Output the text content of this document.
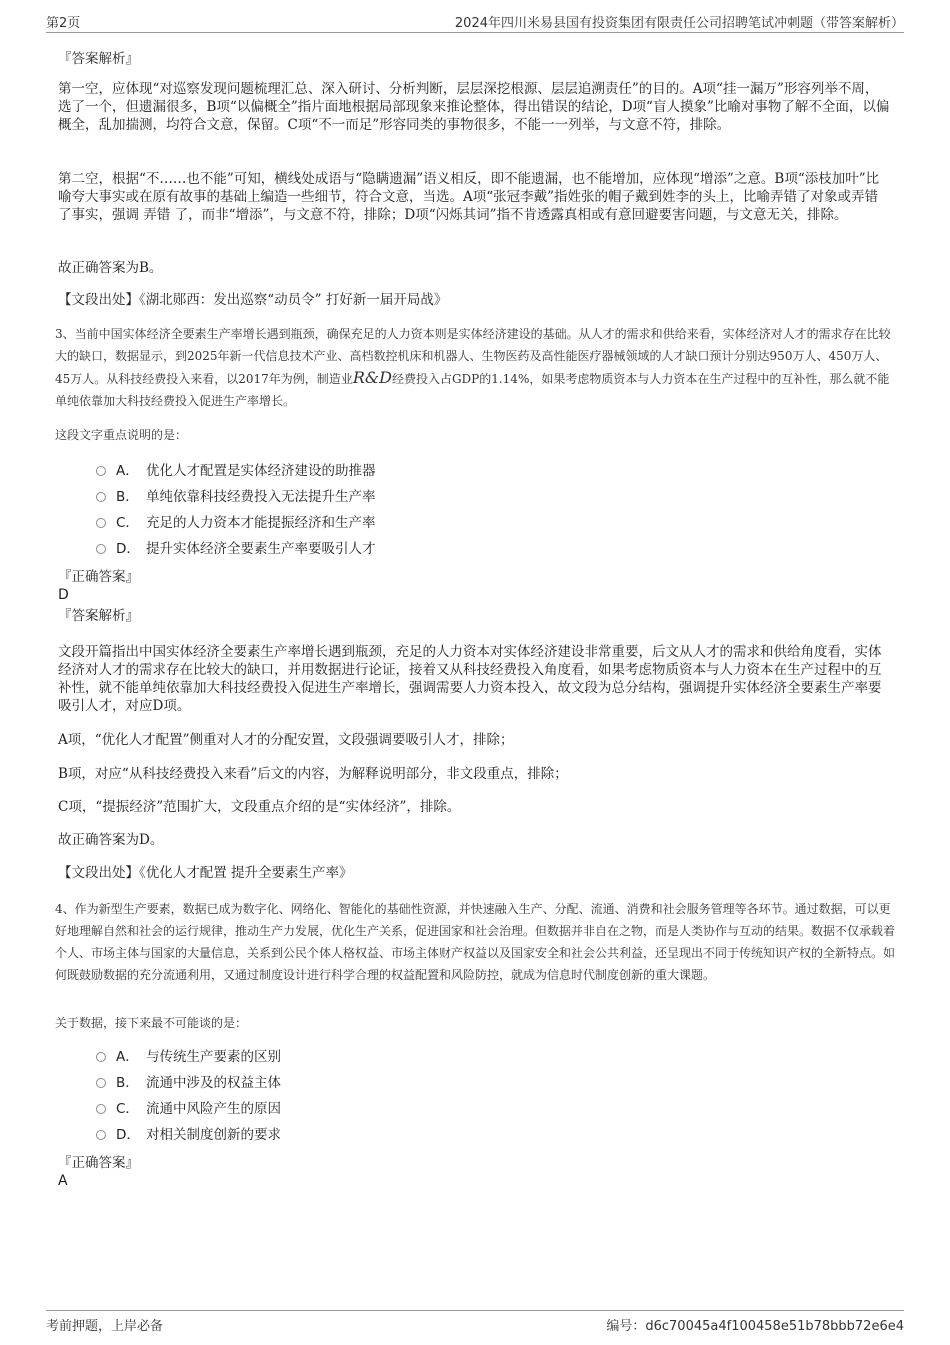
第2页	2024年四川米易县国有投资集团有限责任公司招聘笔试冲刺题（带答案解析）
『答案解析』
第一空，应体现“对巡察发现问题梳理汇总、深入研讨、分析判断，层层深挖根源、层层追溯责任”的目的。A项“挂一漏万”形容列举不周，选了一个，但遗漏很多，B项“以偏概全”指片面地根据局部现象来推论整体，得出错误的结论，D项“盲人摸象”比喻对事物了解不全面，以偏概全，乱加揣测，均符合文意，保留。C项“不一而足”形容同类的事物很多，不能一一列举，与文意不符，排除。
第二空，根据“不……也不能”可知，横线处成语与“隐瞒遗漏”语义相反，即不能遗漏，也不能增加，应体现“增添”之意。B项“添枝加叶”比喻夸大事实或在原有故事的基础上编造一些细节，符合文意，当选。A项“张冠李戴”指姓张的帽子戴到姓李的头上，比喻弄错了对象或弄错了事实，强调 弄错 了，而非“增添”，与文意不符，排除；D项“闪烁其词”指不肯透露真相或有意回避要害问题，与文意无关，排除。
故正确答案为B。
【文段出处】《湖北郧西：发出巡察“动员令” 打好新一届开局战》
3、当前中国实体经济全要素生产率增长遇到瓶颈，确保充足的人力资本则是实体经济建设的基础。从人才的需求和供给来看，实体经济对人才的需求存在比较大的缺口，数据显示，到2025年新一代信息技术产业、高档数控机床和机器人、生物医药及高性能医疗器械领域的人才缺口预计分别达950万人、450万人、45万人。从科技经费投入来看，以2017年为例，制造业R&D经费投入占GDP的1.14%，如果考虑物质资本与人力资本在生产过程中的互补性，那么就不能单纯依靠加大科技经费投入促进生产率增长。
这段文字重点说明的是：
A． 优化人才配置是实体经济建设的助推器
B． 单纯依靠科技经费投入无法提升生产率
C． 充足的人力资本才能提振经济和生产率
D． 提升实体经济全要素生产率要吸引人才
『正确答案』
D
『答案解析』
文段开篇指出中国实体经济全要素生产率增长遇到瓶颈，充足的人力资本对实体经济建设非常重要，后文从人才的需求和供给角度看，实体经济对人才的需求存在比较大的缺口，并用数据进行论证，接着又从科技经费投入角度看，如果考虑物质资本与人力资本在生产过程中的互补性，就不能单纯依靠加大科技经费投入促进生产率增长，强调需要人力资本投入，故文段为总分结构，强调提升实体经济全要素生产率要吸引人才，对应D项。
A项，“优化人才配置”侧重对人才的分配安置，文段强调要吸引人才，排除；
B项，对应“从科技经费投入来看”后文的内容，为解释说明部分，非文段重点，排除；
C项，“提振经济”范围扩大，文段重点介绍的是“实体经济”，排除。
故正确答案为D。
【文段出处】《优化人才配置 提升全要素生产率》
4、作为新型生产要素，数据已成为数字化、网络化、智能化的基础性资源，并快速融入生产、分配、流通、消费和社会服务管理等各环节。通过数据，可以更好地理解自然和社会的运行规律，推动生产力发展，优化生产关系，促进国家和社会治理。但数据并非自在之物，而是人类协作与互动的结果。数据不仅承载着个人、市场主体与国家的大量信息，关系到公民个体人格权益、市场主体财产权益以及国家安全和社会公共利益，还呈现出不同于传统知识产权的全新特点。如何既鼓励数据的充分流通利用，又通过制度设计进行科学合理的权益配置和风险防控，就成为信息时代制度创新的重大课题。
关于数据，接下来最不可能谈的是：
A． 与传统生产要素的区别
B． 流通中涉及的权益主体
C． 流通中风险产生的原因
D． 对相关制度创新的要求
『正确答案』
A
考前押题，上岸必备	编号：d6c70045a4f100458e51b78bbb72e6e4
